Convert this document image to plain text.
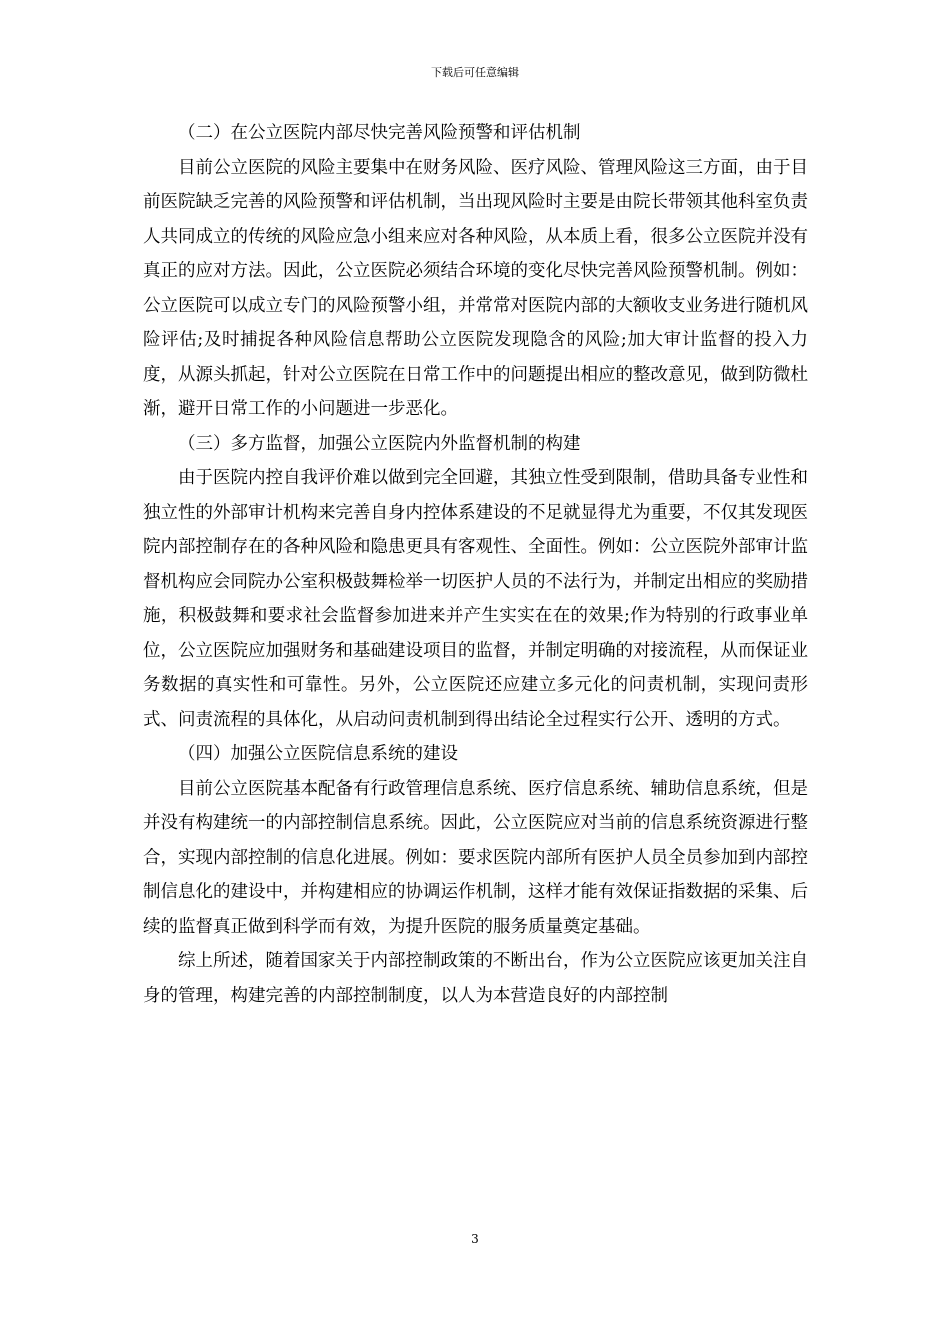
下载后可任意编辑

（二）在公立医院内部尽快完善风险预警和评估机制

目前公立医院的风险主要集中在财务风险、医疗风险、管理风险这三方面，由于目前医院缺乏完善的风险预警和评估机制，当出现风险时主要是由院长带领其他科室负责人共同成立的传统的风险应急小组来应对各种风险，从本质上看，很多公立医院并没有真正的应对方法。因此，公立医院必须结合环境的变化尽快完善风险预警机制。例如：公立医院可以成立专门的风险预警小组，并常常对医院内部的大额收支业务进行随机风险评估;及时捕捉各种风险信息帮助公立医院发现隐含的风险;加大审计监督的投入力度，从源头抓起，针对公立医院在日常工作中的问题提出相应的整改意见，做到防微杜渐，避开日常工作的小问题进一步恶化。

（三）多方监督，加强公立医院内外监督机制的构建

由于医院内控自我评价难以做到完全回避，其独立性受到限制，借助具备专业性和独立性的外部审计机构来完善自身内控体系建设的不足就显得尤为重要，不仅其发现医院内部控制存在的各种风险和隐患更具有客观性、全面性。例如：公立医院外部审计监督机构应会同院办公室积极鼓舞检举一切医护人员的不法行为，并制定出相应的奖励措施，积极鼓舞和要求社会监督参加进来并产生实实在在的效果;作为特别的行政事业单位，公立医院应加强财务和基础建设项目的监督，并制定明确的对接流程，从而保证业务数据的真实性和可靠性。另外，公立医院还应建立多元化的问责机制，实现问责形式、问责流程的具体化，从启动问责机制到得出结论全过程实行公开、透明的方式。

（四）加强公立医院信息系统的建设

目前公立医院基本配备有行政管理信息系统、医疗信息系统、辅助信息系统，但是并没有构建统一的内部控制信息系统。因此，公立医院应对当前的信息系统资源进行整合，实现内部控制的信息化进展。例如：要求医院内部所有医护人员全员参加到内部控制信息化的建设中，并构建相应的协调运作机制，这样才能有效保证指数据的采集、后续的监督真正做到科学而有效，为提升医院的服务质量奠定基础。

综上所述，随着国家关于内部控制政策的不断出台，作为公立医院应该更加关注自身的管理，构建完善的内部控制制度，以人为本营造良好的内部控制

3
